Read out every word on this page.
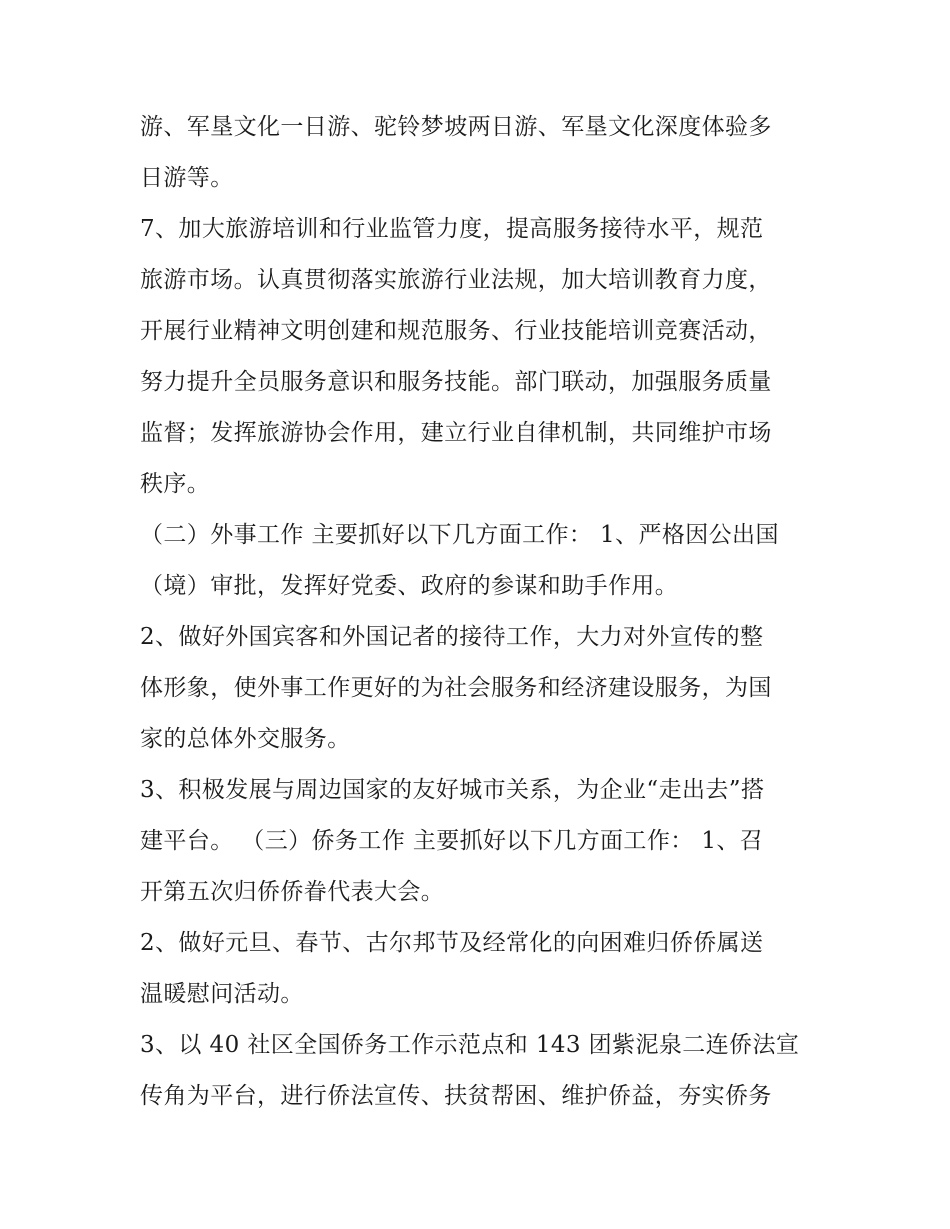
游、军垦文化一日游、驼铃梦坡两日游、军垦文化深度体验多
日游等。
7、加大旅游培训和行业监管力度，提高服务接待水平，规范
旅游市场。认真贯彻落实旅游行业法规，加大培训教育力度，
开展行业精神文明创建和规范服务、行业技能培训竞赛活动，
努力提升全员服务意识和服务技能。部门联动，加强服务质量
监督；发挥旅游协会作用，建立行业自律机制，共同维护市场
秩序。
（二）外事工作 主要抓好以下几方面工作： 1、严格因公出国
（境）审批，发挥好党委、政府的参谋和助手作用。
2、做好外国宾客和外国记者的接待工作，大力对外宣传的整
体形象，使外事工作更好的为社会服务和经济建设服务，为国
家的总体外交服务。
3、积极发展与周边国家的友好城市关系，为企业“走出去”搭
建平台。 （三）侨务工作 主要抓好以下几方面工作： 1、召
开第五次归侨侨眷代表大会。
2、做好元旦、春节、古尔邦节及经常化的向困难归侨侨属送
温暖慰问活动。
3、以 40 社区全国侨务工作示范点和 143 团紫泥泉二连侨法宣
传角为平台，进行侨法宣传、扶贫帮困、维护侨益，夯实侨务
